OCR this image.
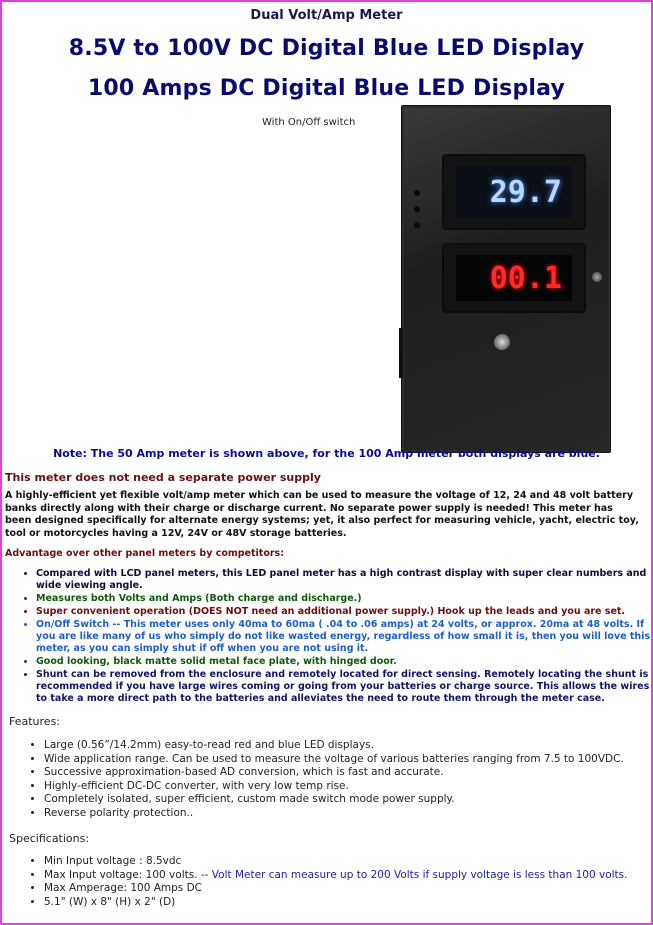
Dual Volt/Amp Meter
8.5V to 100V DC Digital Blue LED Display
100 Amps DC Digital Blue LED Display
With On/Off switch
29.7
00.1
Note: The 50 Amp meter is shown above, for the 100 Amp meter both displays are blue.
This meter does not need a separate power supply
A highly-efficient yet flexible volt/amp meter which can be used to measure the voltage of 12, 24 and 48 volt battery banks directly along with their charge or discharge current. No separate power supply is needed! This meter has been designed specifically for alternate energy systems; yet, it also perfect for measuring vehicle, yacht, electric toy, tool or motorcycles having a 12V, 24V or 48V storage batteries.
Advantage over other panel meters by competitors:
• Compared with LCD panel meters, this LED panel meter has a high contrast display with super clear numbers and wide viewing angle.
• Measures both Volts and Amps (Both charge and discharge.)
• Super convenient operation (DOES NOT need an additional power supply.) Hook up the leads and you are set.
• On/Off Switch -- This meter uses only 40ma to 60ma ( .04 to .06 amps) at 24 volts, or approx. 20ma at 48 volts. If you are like many of us who simply do not like wasted energy, regardless of how small it is, then you will love this meter, as you can simply shut if off when you are not using it.
• Good looking, black matte solid metal face plate, with hinged door.
• Shunt can be removed from the enclosure and remotely located for direct sensing. Remotely locating the shunt is recommended if you have large wires coming or going from your batteries or charge source. This allows the wires to take a more direct path to the batteries and alleviates the need to route them through the meter case.
Features:
• Large (0.56”/14.2mm) easy-to-read red and blue LED displays.
• Wide application range. Can be used to measure the voltage of various batteries ranging from 7.5 to 100VDC.
• Successive approximation-based AD conversion, which is fast and accurate.
• Highly-efficient DC-DC converter, with very low temp rise.
• Completely isolated, super efficient, custom made switch mode power supply.
• Reverse polarity protection..
Specifications:
• Min Input voltage : 8.5vdc
• Max Input voltage: 100 volts. -- Volt Meter can measure up to 200 Volts if supply voltage is less than 100 volts.
• Max Amperage: 100 Amps DC
• 5.1" (W) x 8" (H) x 2" (D)
